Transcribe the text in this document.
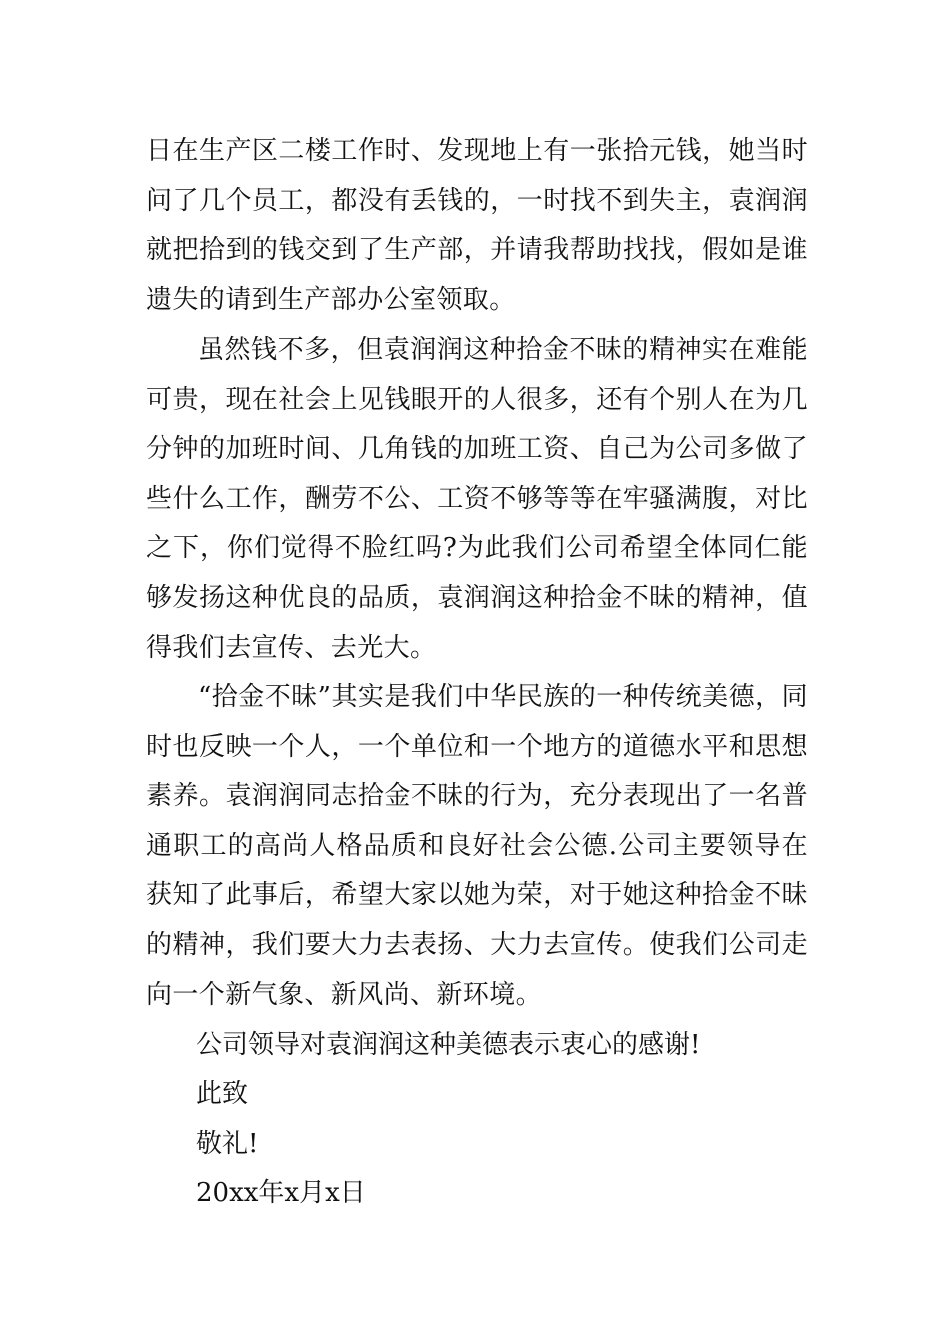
日在生产区二楼工作时、发现地上有一张拾元钱，她当时问了几个员工，都没有丢钱的，一时找不到失主，袁润润就把拾到的钱交到了生产部，并请我帮助找找，假如是谁遗失的请到生产部办公室领取。

虽然钱不多，但袁润润这种拾金不昧的精神实在难能可贵，现在社会上见钱眼开的人很多，还有个别人在为几分钟的加班时间、几角钱的加班工资、自己为公司多做了些什么工作，酬劳不公、工资不够等等在牢骚满腹，对比之下，你们觉得不脸红吗?为此我们公司希望全体同仁能够发扬这种优良的品质，袁润润这种拾金不昧的精神，值得我们去宣传、去光大。

“拾金不昧”其实是我们中华民族的一种传统美德，同时也反映一个人，一个单位和一个地方的道德水平和思想素养。袁润润同志拾金不昧的行为，充分表现出了一名普通职工的高尚人格品质和良好社会公德.公司主要领导在获知了此事后，希望大家以她为荣，对于她这种拾金不昧的精神，我们要大力去表扬、大力去宣传。使我们公司走向一个新气象、新风尚、新环境。

公司领导对袁润润这种美德表示衷心的感谢!

此致

敬礼!

20xx年x月x日
